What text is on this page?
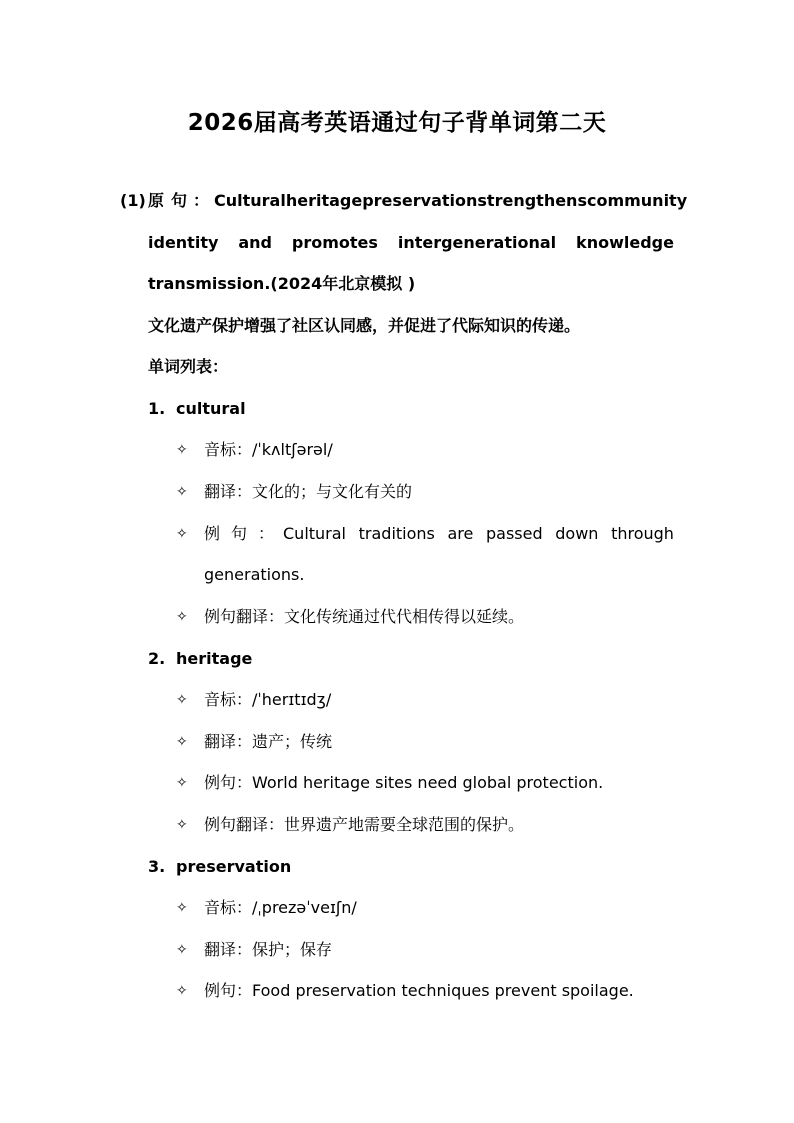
2026届高考英语通过句子背单词第二天
(1) 原 句 ： Cultural heritage preservation strengthens community
identity and promotes intergenerational knowledge
transmission.(2024年北京模拟 )
文化遗产保护增强了社区认同感，并促进了代际知识的传递。
单词列表：
1. cultural
✧ 音标：/ˈkʌltʃərəl/
✧ 翻译：文化的；与文化有关的
✧ 例 句 ： Cultural traditions are passed down through
generations.
✧ 例句翻译：文化传统通过代代相传得以延续。
2. heritage
✧ 音标：/ˈherɪtɪdʒ/
✧ 翻译：遗产；传统
✧ 例句：World heritage sites need global protection.
✧ 例句翻译：世界遗产地需要全球范围的保护。
3. preservation
✧ 音标：/ˌprezəˈveɪʃn/
✧ 翻译：保护；保存
✧ 例句：Food preservation techniques prevent spoilage.
